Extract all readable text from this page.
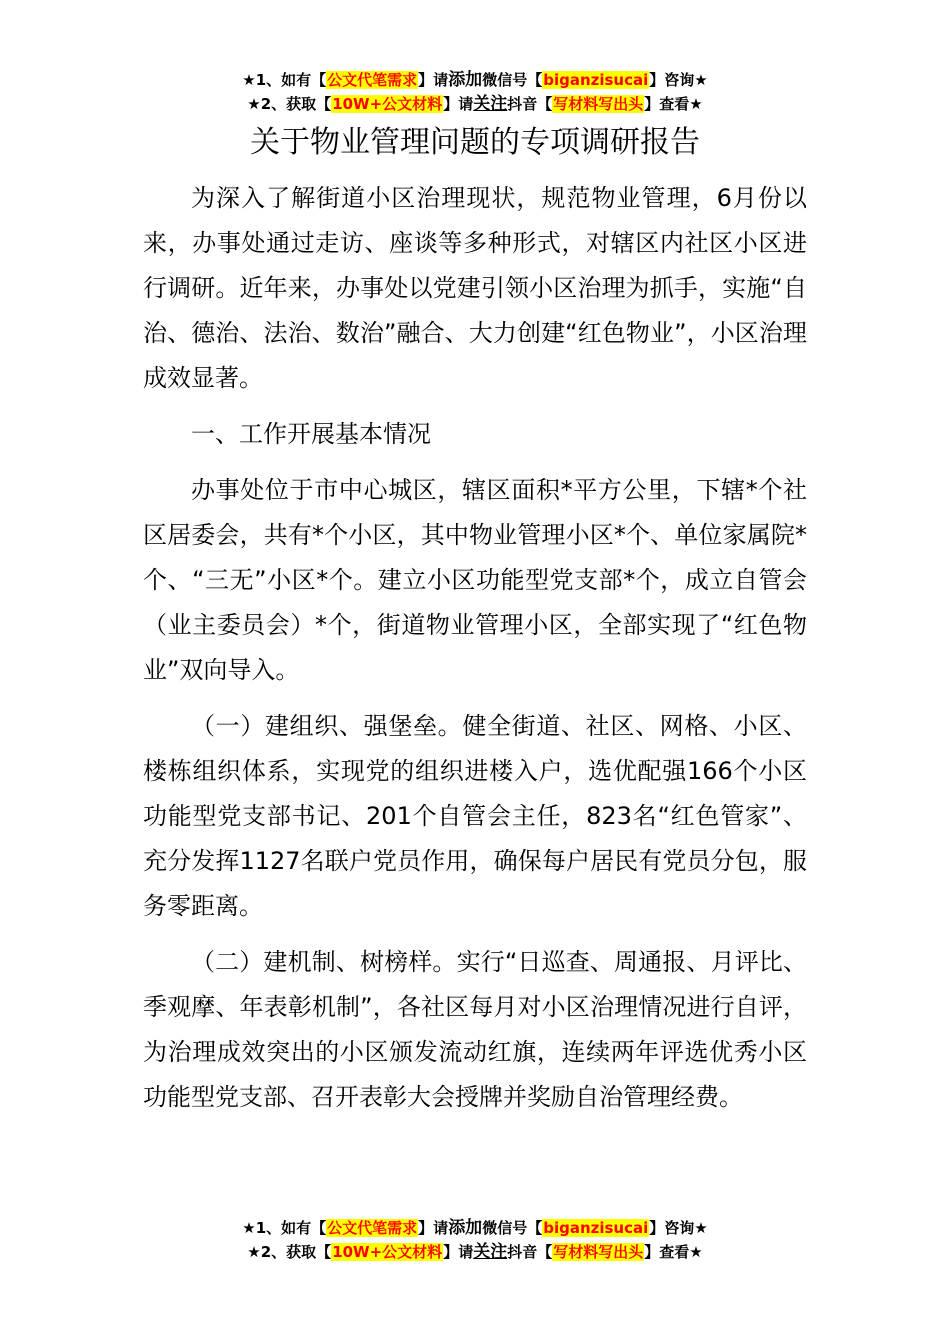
★1、如有【公文代笔需求】请添加微信号【biganzisucai】咨询★
★2、获取【10W+公文材料】请关注抖音【写材料写出头】查看★
关于物业管理问题的专项调研报告

为深入了解街道小区治理现状，规范物业管理，6月份以来，办事处通过走访、座谈等多种形式，对辖区内社区小区进行调研。近年来，办事处以党建引领小区治理为抓手，实施“自治、德治、法治、数治”融合、大力创建“红色物业”，小区治理成效显著。

一、工作开展基本情况

办事处位于市中心城区，辖区面积*平方公里，下辖*个社区居委会，共有*个小区，其中物业管理小区*个、单位家属院*个、“三无”小区*个。建立小区功能型党支部*个，成立自管会（业主委员会）*个，街道物业管理小区，全部实现了“红色物业”双向导入。

（一）建组织、强堡垒。健全街道、社区、网格、小区、楼栋组织体系，实现党的组织进楼入户，选优配强166个小区功能型党支部书记、201个自管会主任，823名“红色管家”、充分发挥1127名联户党员作用，确保每户居民有党员分包，服务零距离。

（二）建机制、树榜样。实行“日巡查、周通报、月评比、季观摩、年表彰机制”，各社区每月对小区治理情况进行自评，为治理成效突出的小区颁发流动红旗，连续两年评选优秀小区功能型党支部、召开表彰大会授牌并奖励自治管理经费。

★1、如有【公文代笔需求】请添加微信号【biganzisucai】咨询★
★2、获取【10W+公文材料】请关注抖音【写材料写出头】查看★
